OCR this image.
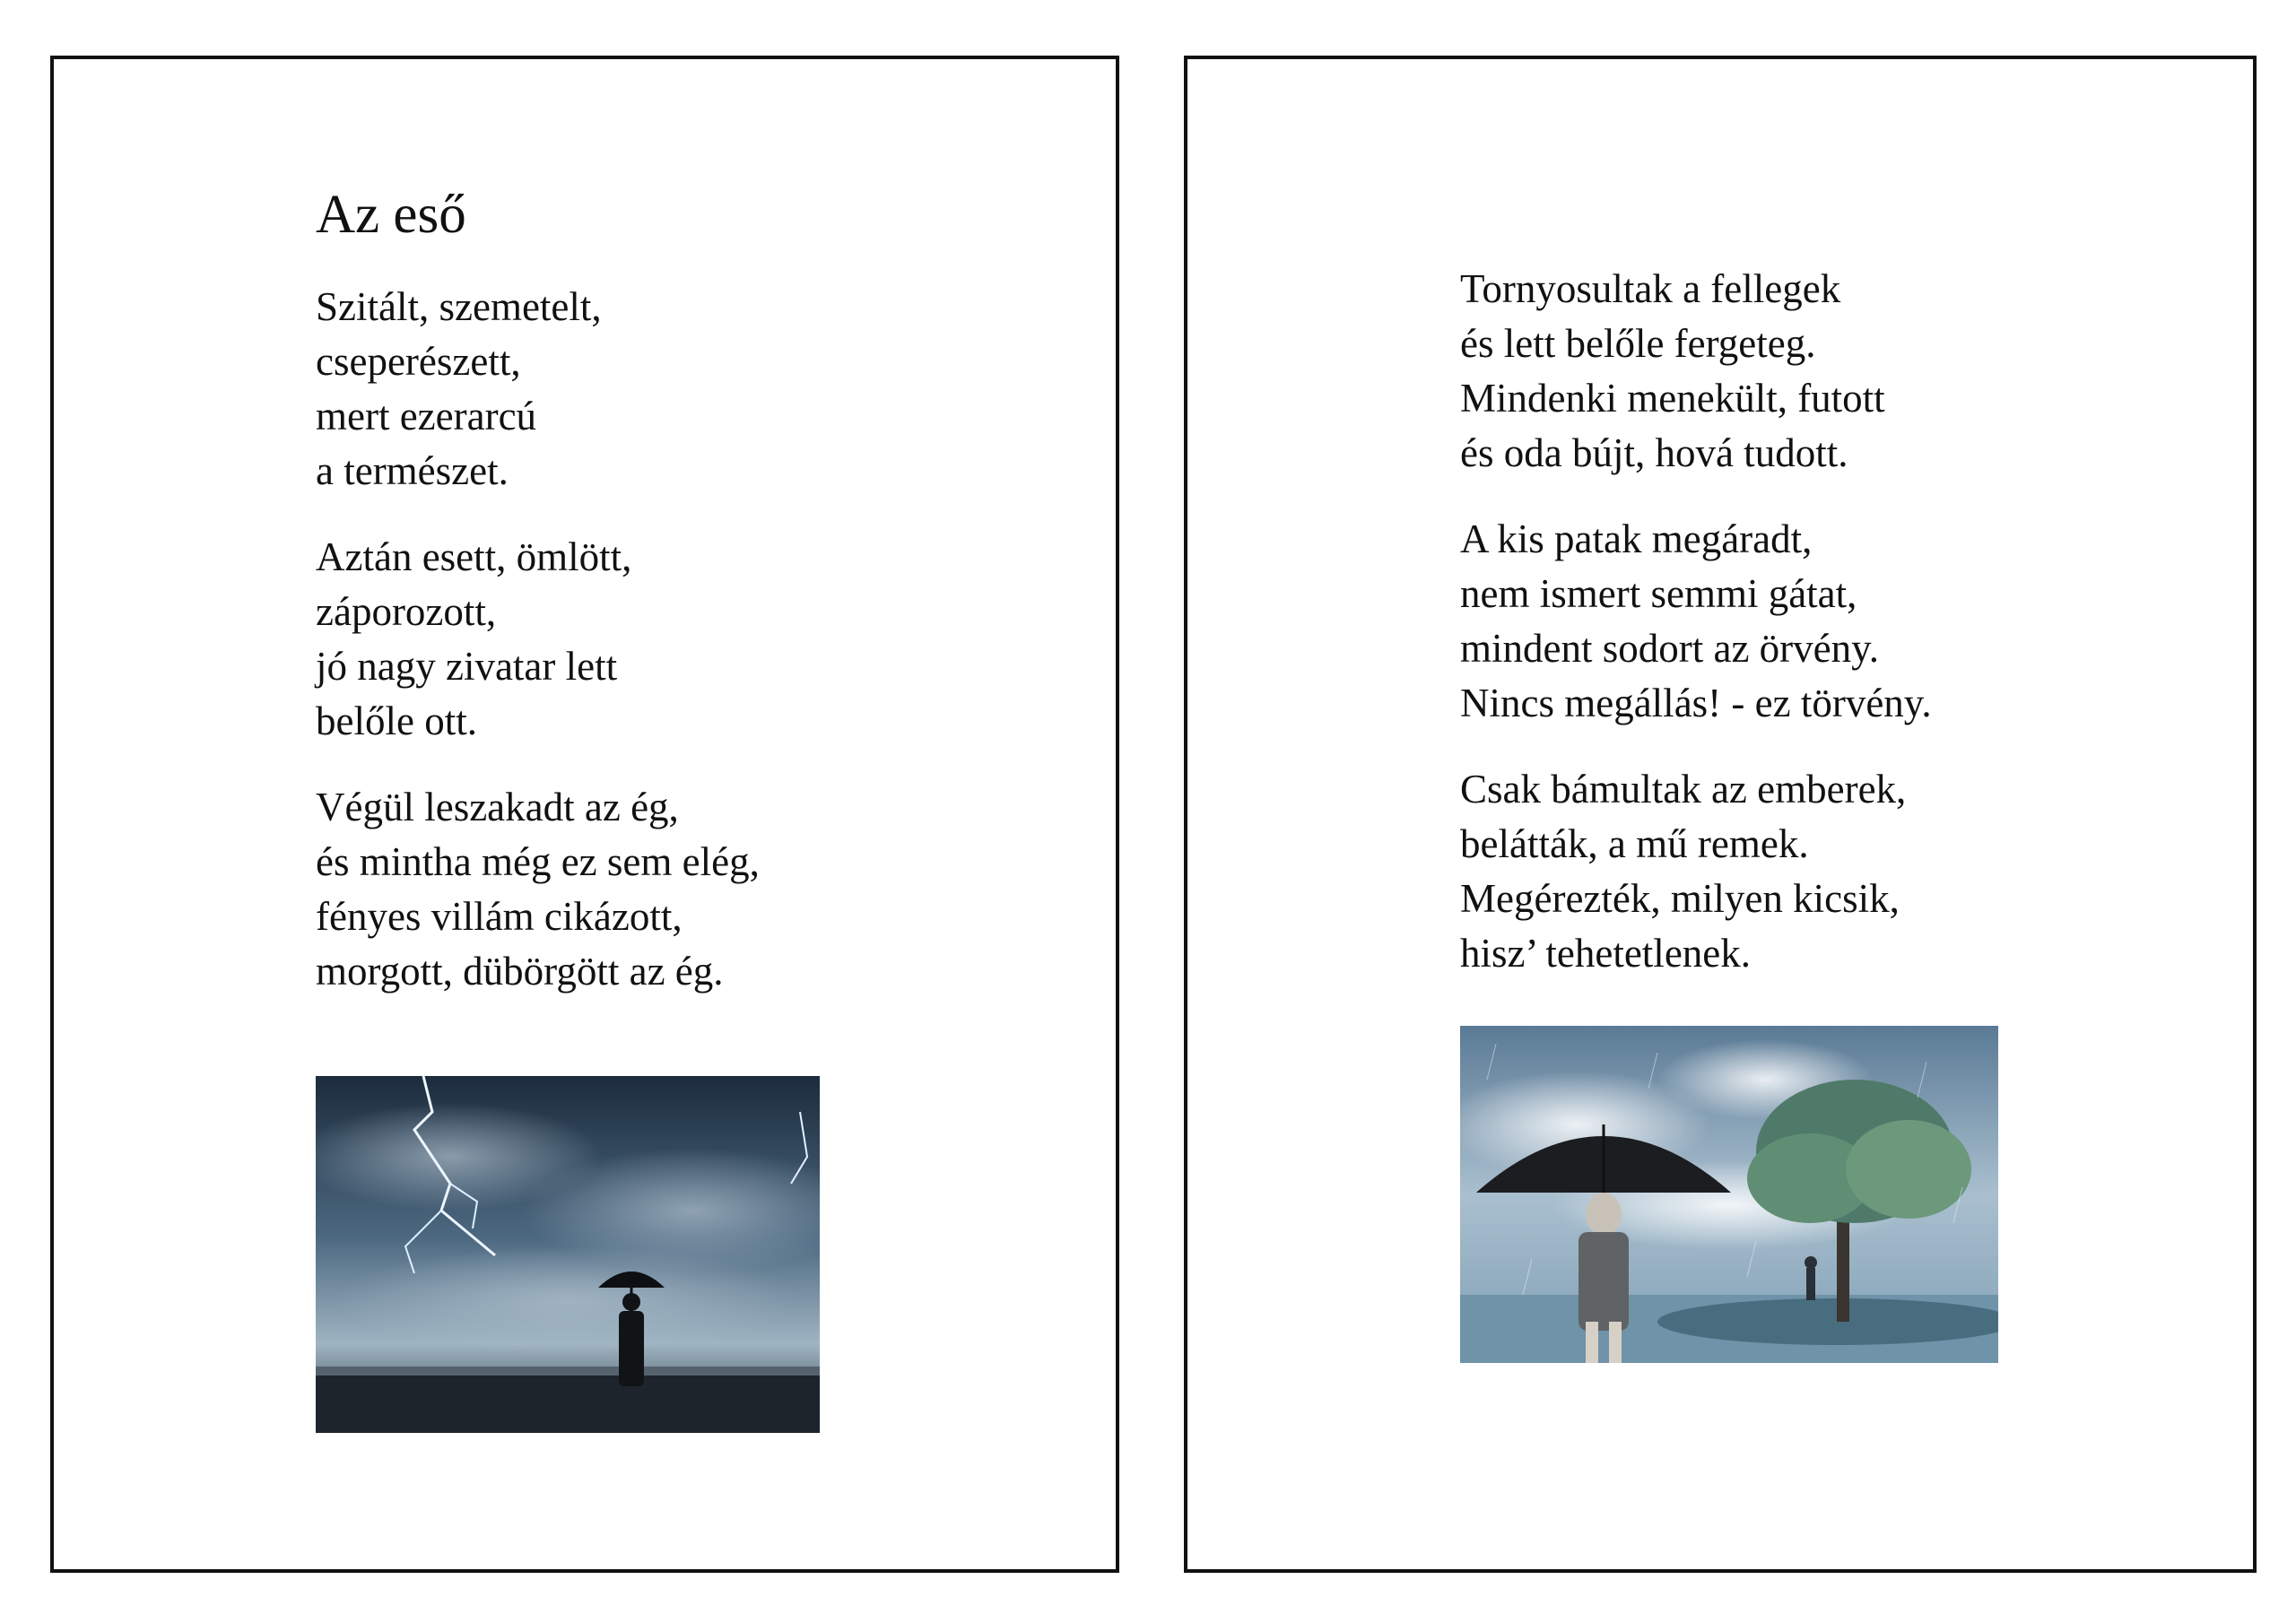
Az eső
Szitált, szemetelt,
cseperészett,
mert ezerarcú
a természet.
Aztán esett, ömlött,
záporozott,
jó nagy zivatar lett
belőle ott.
Végül leszakadt az ég,
és mintha még ez sem elég,
fényes villám cikázott,
morgott, dübörgött az ég.
Tornyosultak a fellegek
és lett belőle fergeteg.
Mindenki menekült, futott
és oda bújt, hová tudott.
A kis patak megáradt,
nem ismert semmi gátat,
mindent sodort az örvény.
Nincs megállás! - ez törvény.
Csak bámultak az emberek,
belátták, a mű remek.
Megérezték, milyen kicsik,
hisz’ tehetetlenek.
